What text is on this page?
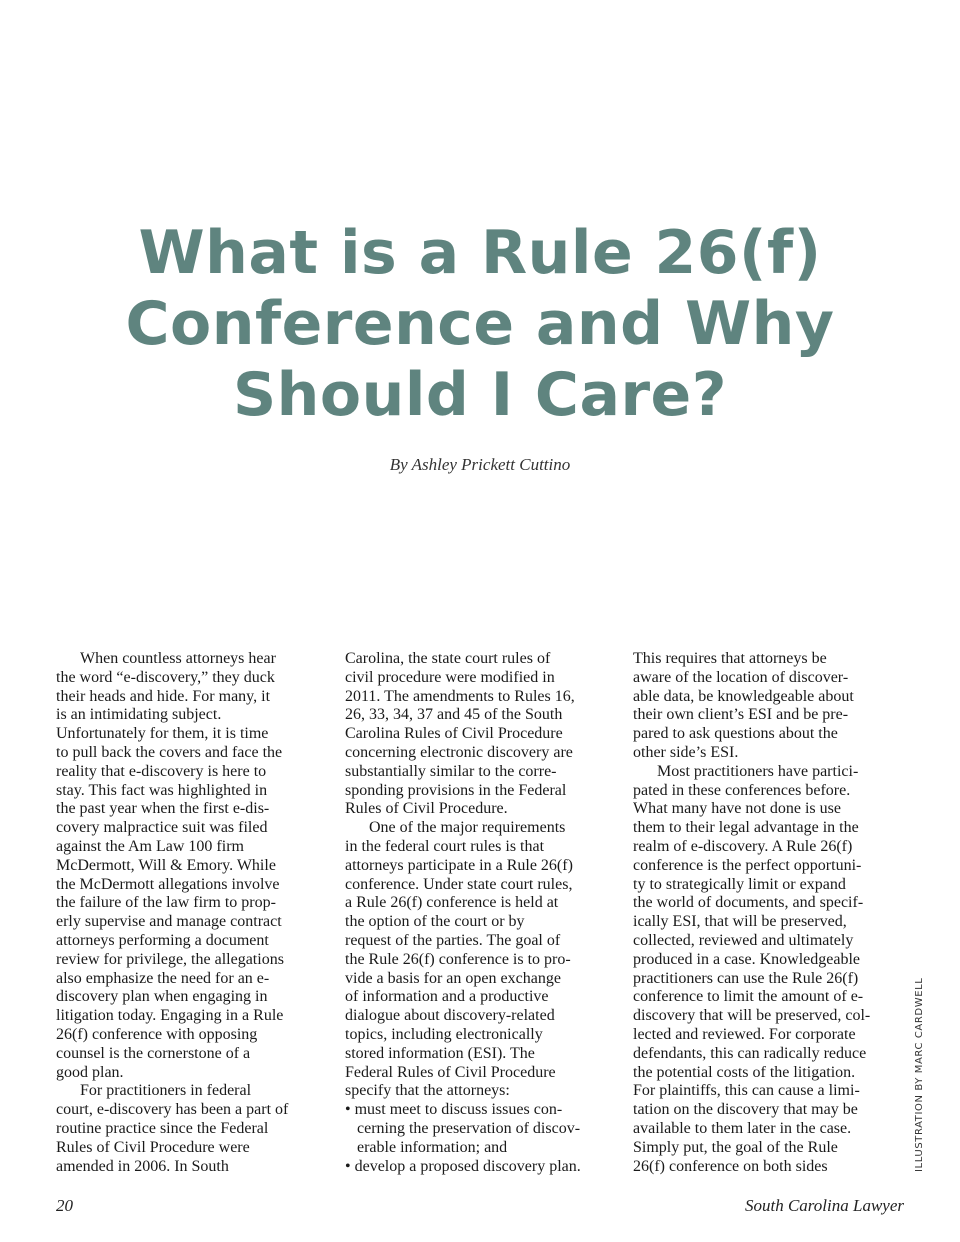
What is a Rule 26(f)
Conference and Why
Should I Care?
By Ashley Prickett Cuttino

When countless attorneys hear

the word “e-discovery,” they duck

their heads and hide. For many, it

is an intimidating subject.

Unfortunately for them, it is time

to pull back the covers and face the

reality that e-discovery is here to

stay. This fact was highlighted in

the past year when the first e-dis-

covery malpractice suit was filed

against the Am Law 100 firm

McDermott, Will & Emory. While

the McDermott allegations involve

the failure of the law firm to prop-

erly supervise and manage contract

attorneys performing a document

review for privilege, the allegations

also emphasize the need for an e-

discovery plan when engaging in

litigation today. Engaging in a Rule

26(f) conference with opposing

counsel is the cornerstone of a

good plan.

For practitioners in federal

court, e-discovery has been a part of

routine practice since the Federal

Rules of Civil Procedure were

amended in 2006. In South

Carolina, the state court rules of

civil procedure were modified in

2011. The amendments to Rules 16,

26, 33, 34, 37 and 45 of the South

Carolina Rules of Civil Procedure

concerning electronic discovery are

substantially similar to the corre-

sponding provisions in the Federal

Rules of Civil Procedure.

One of the major requirements

in the federal court rules is that

attorneys participate in a Rule 26(f)

conference. Under state court rules,

a Rule 26(f) conference is held at

the option of the court or by

request of the parties. The goal of

the Rule 26(f) conference is to pro-

vide a basis for an open exchange

of information and a productive

dialogue about discovery-related

topics, including electronically

stored information (ESI). The

Federal Rules of Civil Procedure

specify that the attorneys:

• must meet to discuss issues con-

cerning the preservation of discov-

erable information; and

• develop a proposed discovery plan.

This requires that attorneys be

aware of the location of discover-

able data, be knowledgeable about

their own client’s ESI and be pre-

pared to ask questions about the

other side’s ESI.

Most practitioners have partici-

pated in these conferences before.

What many have not done is use

them to their legal advantage in the

realm of e-discovery. A Rule 26(f)

conference is the perfect opportuni-

ty to strategically limit or expand

the world of documents, and specif-

ically ESI, that will be preserved,

collected, reviewed and ultimately

produced in a case. Knowledgeable

practitioners can use the Rule 26(f)

conference to limit the amount of e-

discovery that will be preserved, col-

lected and reviewed. For corporate

defendants, this can radically reduce

the potential costs of the litigation.

For plaintiffs, this can cause a limi-

tation on the discovery that may be

available to them later in the case.

Simply put, the goal of the Rule

26(f) conference on both sides	ILLUSTRATION BY MARC CARDWELL
20	South Carolina Lawyer
